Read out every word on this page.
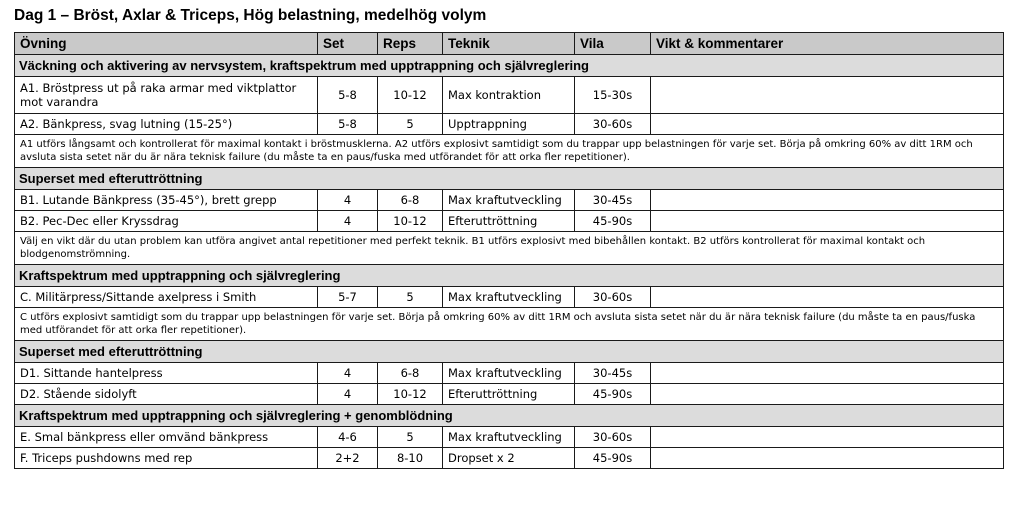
Dag 1 – Bröst, Axlar & Triceps, Hög belastning, medelhög volym
Övning	Set	Reps	Teknik	Vila	Vikt & kommentarer
Väckning och aktivering av nervsystem, kraftspektrum med upptrappning och självreglering					
A1. Bröstpress ut på raka armar med viktplattor mot varandra	5-8	10-12	Max kontraktion	15-30s	
A2. Bänkpress, svag lutning (15-25°)	5-8	5	Upptrappning	30-60s	
A1 utförs långsamt och kontrollerat för maximal kontakt i bröstmusklerna. A2 utförs explosivt samtidigt som du trappar upp belastningen för varje set. Börja på omkring 60% av ditt 1RM och avsluta sista setet när du är nära teknisk failure (du måste ta en paus/fuska med utförandet för att orka fler repetitioner).					
Superset med efteruttröttning					
B1. Lutande Bänkpress (35-45°), brett grepp	4	6-8	Max kraftutveckling	30-45s	
B2. Pec-Dec eller Kryssdrag	4	10-12	Efteruttröttning	45-90s	
Välj en vikt där du utan problem kan utföra angivet antal repetitioner med perfekt teknik. B1 utförs explosivt med bibehållen kontakt. B2 utförs kontrollerat för maximal kontakt och blodgenomströmning.					
Kraftspektrum med upptrappning och självreglering					
C. Militärpress/Sittande axelpress i Smith	5-7	5	Max kraftutveckling	30-60s	
C utförs explosivt samtidigt som du trappar upp belastningen för varje set. Börja på omkring 60% av ditt 1RM och avsluta sista setet när du är nära teknisk failure (du måste ta en paus/fuska med utförandet för att orka fler repetitioner).					
Superset med efteruttröttning					
D1. Sittande hantelpress	4	6-8	Max kraftutveckling	30-45s	
D2. Stående sidolyft	4	10-12	Efteruttröttning	45-90s	
Kraftspektrum med upptrappning och självreglering + genomblödning					
E. Smal bänkpress eller omvänd bänkpress	4-6	5	Max kraftutveckling	30-60s	
F. Triceps pushdowns med rep	2+2	8-10	Dropset x 2	45-90s	
